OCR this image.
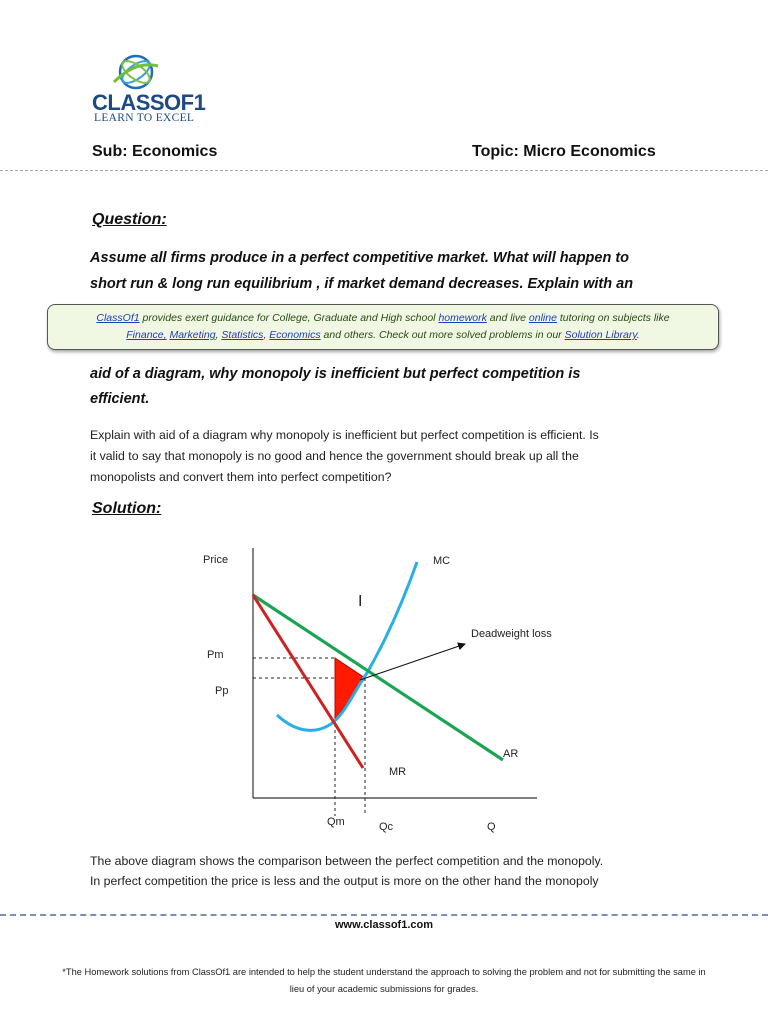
CLASSOF1
LEARN TO EXCEL
Sub: Economics	Topic: Micro Economics
Question:
Assume all firms produce in a perfect competitive market. What will happen to
short run & long run equilibrium , if market demand decreases. Explain with an
ClassOf1 provides exert guidance for College, Graduate and High school homework and live online tutoring on subjects like
Finance, Marketing, Statistics, Economics and others. Check out more solved problems in our Solution Library.
aid of a diagram, why monopoly is inefficient but perfect competition is
efficient.
Explain with aid of a diagram why monopoly is inefficient but perfect competition is efficient. Is
it valid to say that monopoly is no good and hence the government should break up all the
monopolists and convert them into perfect competition?
Solution:
Price	MC
Deadweight loss
Pm
Pp
AR
MR
Qm	Qc	Q
I
The above diagram shows the comparison between the perfect competition and the monopoly.
In perfect competition the price is less and the output is more on the other hand the monopoly
www.classof1.com
*The Homework solutions from ClassOf1 are intended to help the student understand the approach to solving the problem and not for submitting the same in
lieu of your academic submissions for grades.
